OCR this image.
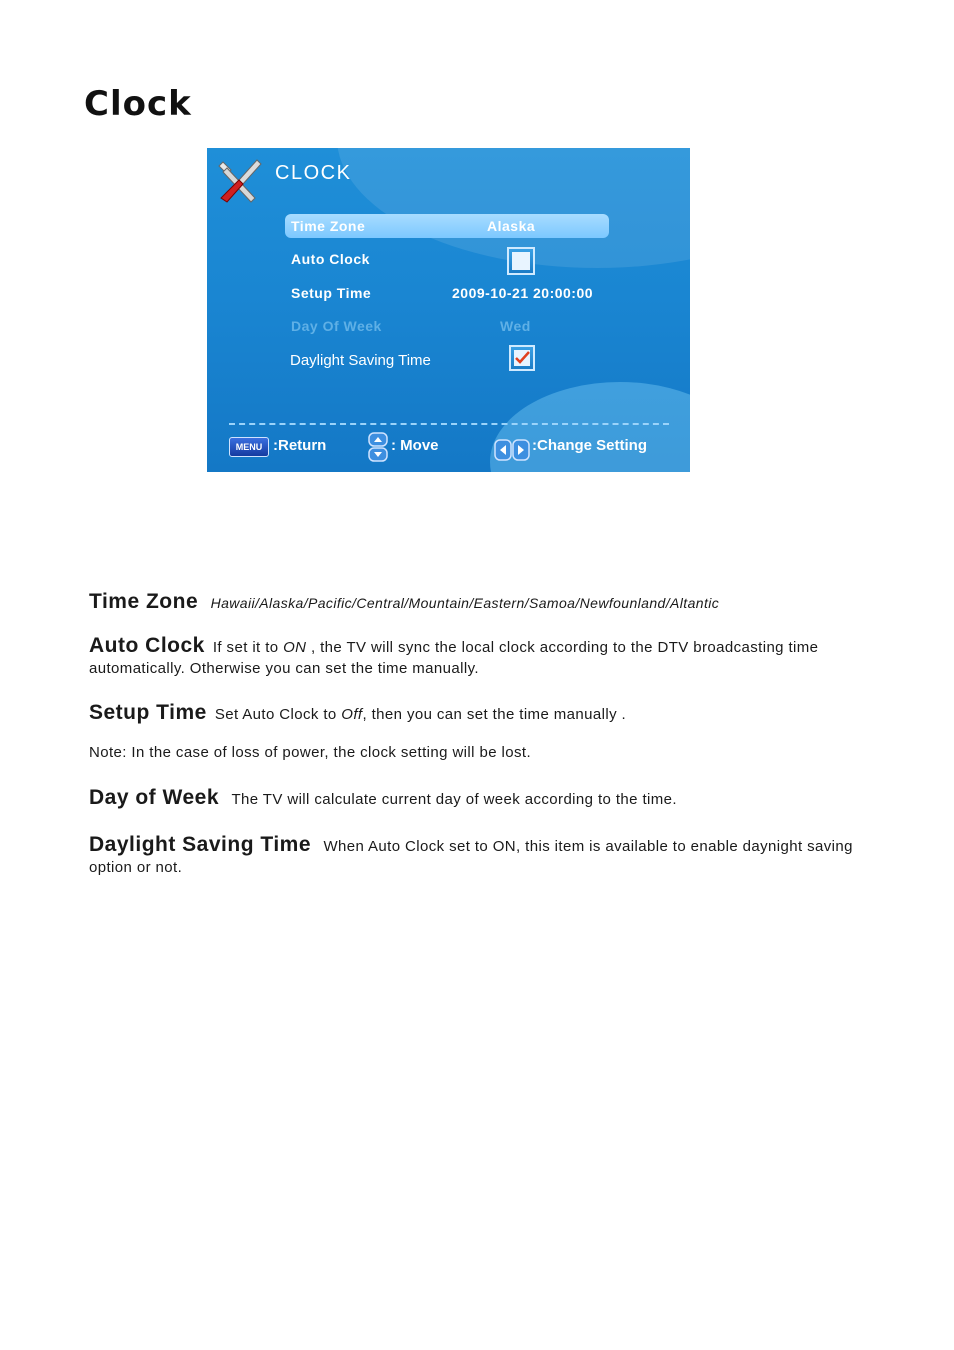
Clock
CLOCK
Time Zone	Alaska
Auto Clock
Setup Time	2009-10-21 20:00:00
Day Of Week	Wed
Daylight Saving Time
MENU :Return	: Move	:Change Setting
Time Zone Hawaii/Alaska/Pacific/Central/Mountain/Eastern/Samoa/Newfounland/Altantic
Auto Clock If set it to ON , the TV will sync the local clock according to the DTV broadcasting time automatically. Otherwise you can set the time manually.
Setup Time Set Auto Clock to Off, then you can set the time manually .
Note: In the case of loss of power, the clock setting will be lost.
Day of Week The TV will calculate current day of week according to the time.
Daylight Saving Time When Auto Clock set to ON, this item is available to enable daynight saving option or not.
